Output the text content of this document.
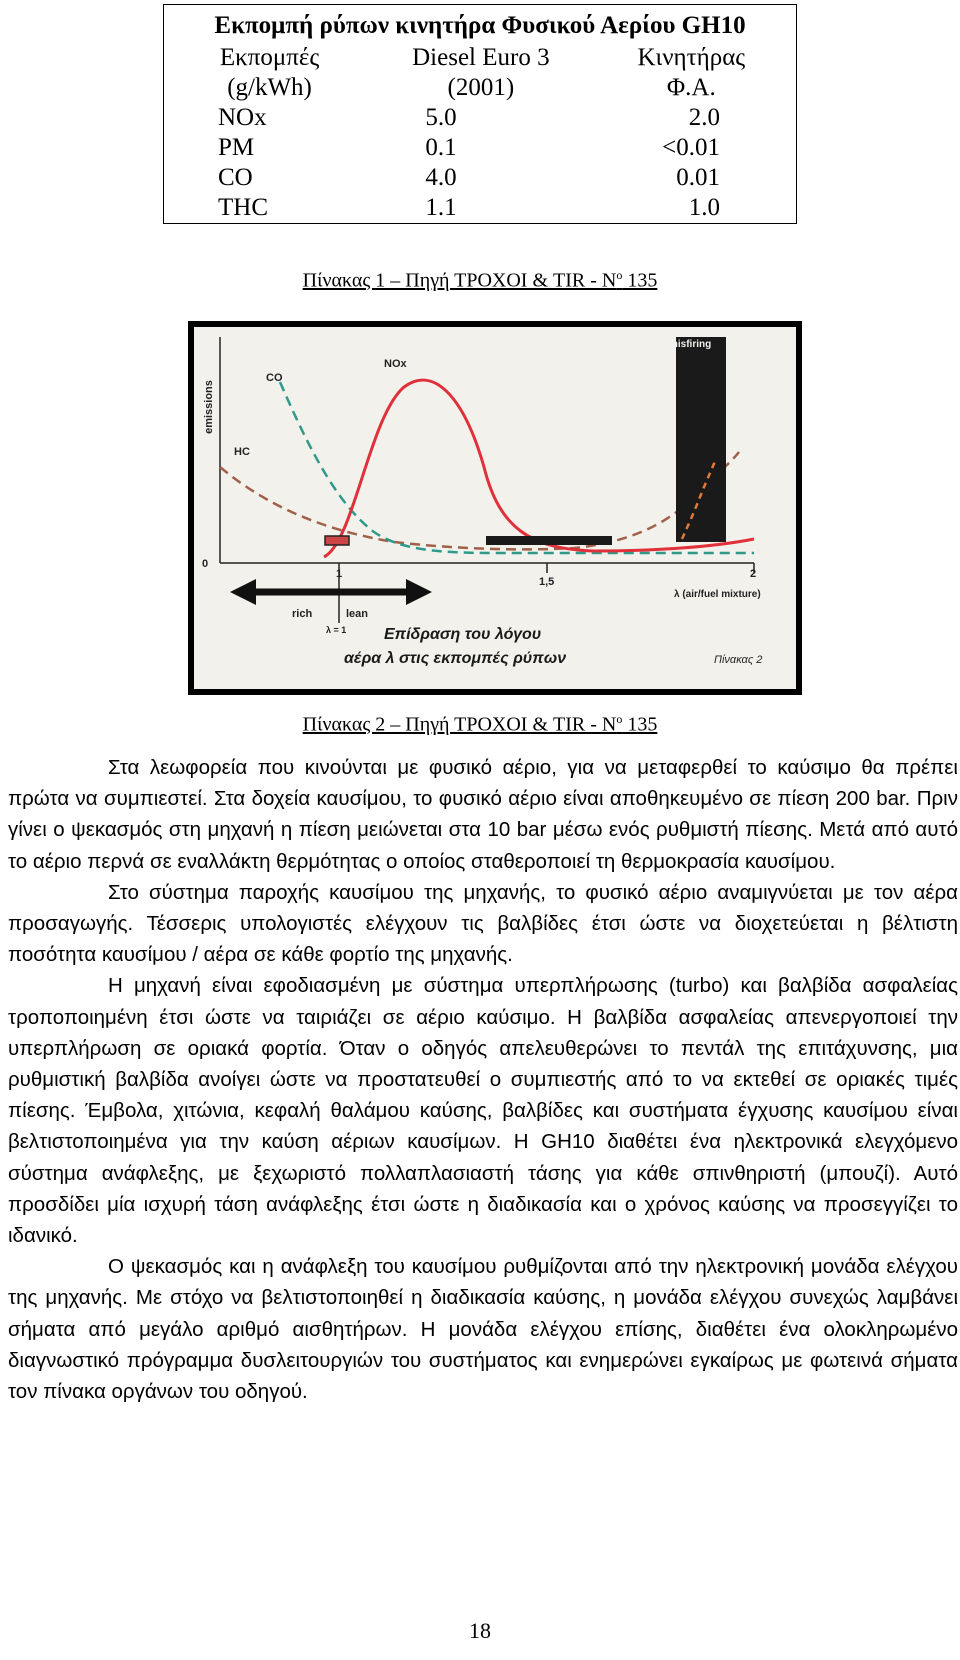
Εκπομπή ρύπων κινητήρα Φυσικού Αερίου GH10		
Εκπομπές	Diesel Euro 3	Κινητήρας
(g/kWh)	(2001)	Φ.Α.
NOx	5.0	2.0
PM	0.1	<0.01
CO	4.0	0.01
THC	1.1	1.0
Πίνακας 1 – Πηγή ΤΡΟΧΟΙ & TIR - $N^o$ 135
emissions
0
CO
HC
NOx
misfiring
1
1,5
2
λ (air/fuel mixture)
rich	lean
λ = 1 Επίδραση του λόγου
αέρα λ στις εκπομπές ρύπων	Πίνακας 2
Πίνακας 2 – Πηγή ΤΡΟΧΟΙ & TIR - $N^o$ 135

Στα λεωφορεία που κινούνται με φυσικό αέριο, για να μεταφερθεί το καύσιμο θα πρέπει πρώτα να συμπιεστεί. Στα δοχεία καυσίμου, το φυσικό αέριο είναι αποθηκευμένο σε πίεση 200 bar. Πριν γίνει ο ψεκασμός στη μηχανή η πίεση μειώνεται στα 10 bar μέσω ενός ρυθμιστή πίεσης. Μετά από αυτό το αέριο περνά σε εναλλάκτη θερμότητας ο οποίος σταθεροποιεί τη θερμοκρασία καυσίμου.

Στο σύστημα παροχής καυσίμου της μηχανής, το φυσικό αέριο αναμιγνύεται με τον αέρα προσαγωγής. Τέσσερις υπολογιστές ελέγχουν τις βαλβίδες έτσι ώστε να διοχετεύεται η βέλτιστη ποσότητα καυσίμου / αέρα σε κάθε φορτίο της μηχανής.

Η μηχανή είναι εφοδιασμένη με σύστημα υπερπλήρωσης (turbo) και βαλβίδα ασφαλείας τροποποιημένη έτσι ώστε να ταιριάζει σε αέριο καύσιμο. Η βαλβίδα ασφαλείας απενεργοποιεί την υπερπλήρωση σε οριακά φορτία. Όταν ο οδηγός απελευθερώνει το πεντάλ της επιτάχυνσης, μια ρυθμιστική βαλβίδα ανοίγει ώστε να προστατευθεί ο συμπιεστής από το να εκτεθεί σε οριακές τιμές πίεσης. Έμβολα, χιτώνια, κεφαλή θαλάμου καύσης, βαλβίδες και συστήματα έγχυσης καυσίμου είναι βελτιστοποιημένα για την καύση αέριων καυσίμων. Η GH10 διαθέτει ένα ηλεκτρονικά ελεγχόμενο σύστημα ανάφλεξης, με ξεχωριστό πολλαπλασιαστή τάσης για κάθε σπινθηριστή (μπουζί). Αυτό προσδίδει μία ισχυρή τάση ανάφλεξης έτσι ώστε η διαδικασία και ο χρόνος καύσης να προσεγγίζει το ιδανικό.

Ο ψεκασμός και η ανάφλεξη του καυσίμου ρυθμίζονται από την ηλεκτρονική μονάδα ελέγχου της μηχανής. Με στόχο να βελτιστοποιηθεί η διαδικασία καύσης, η μονάδα ελέγχου συνεχώς λαμβάνει σήματα από μεγάλο αριθμό αισθητήρων. Η μονάδα ελέγχου επίσης, διαθέτει ένα ολοκληρωμένο διαγνωστικό πρόγραμμα δυσλειτουργιών του συστήματος και ενημερώνει εγκαίρως με φωτεινά σήματα τον πίνακα οργάνων του οδηγού.

18
